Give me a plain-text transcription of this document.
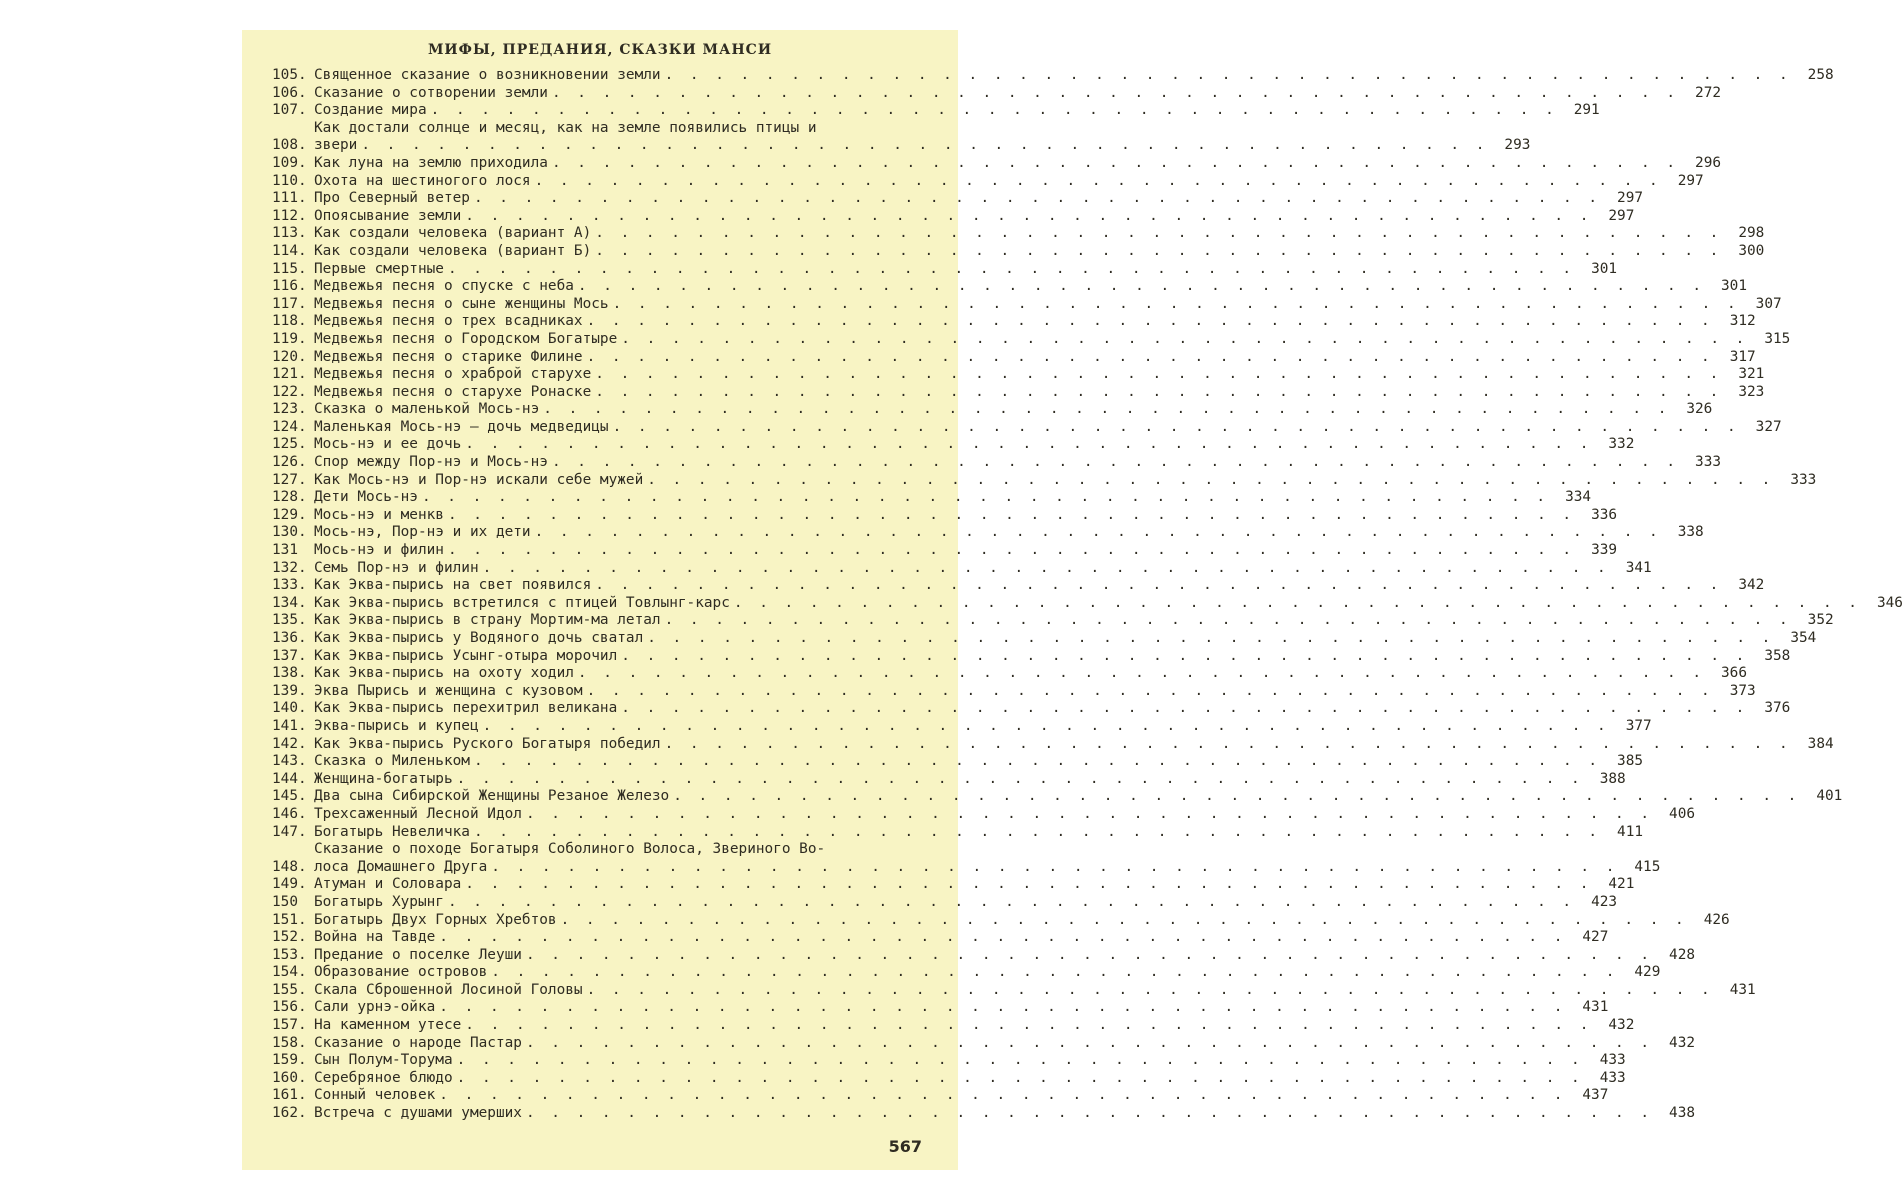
МИФЫ, ПРЕДАНИЯ, СКАЗКИ МАНСИ
105. Священное сказание о возникновении земли . . . . . . . . . . . . . . . . . . . . . . . . . . . . . . . . . . . . . . . . . . . . .	258
106. Сказание о сотворении земли . . . . . . . . . . . . . . . . . . . . . . . . . . . . . . . . . . . . . . . . . . . . .	272
107. Создание мира . . . . . . . . . . . . . . . . . . . . . . . . . . . . . . . . . . . . . . . . . . . . .	291
108.
Как достали солнце и месяц, как на земле появились птицы и
звери . . . . . . . . . . . . . . . . . . . . . . . . . . . . . . . . . . . . . . . . . . . . .	293
109. Как луна на землю приходила . . . . . . . . . . . . . . . . . . . . . . . . . . . . . . . . . . . . . . . . . . . . .	296
110. Охота на шестиногого лося . . . . . . . . . . . . . . . . . . . . . . . . . . . . . . . . . . . . . . . . . . . . .	297
111. Про Северный ветер . . . . . . . . . . . . . . . . . . . . . . . . . . . . . . . . . . . . . . . . . . . . .	297
112. Опоясывание земли . . . . . . . . . . . . . . . . . . . . . . . . . . . . . . . . . . . . . . . . . . . . .	297
113. Как создали человека (вариант А) . . . . . . . . . . . . . . . . . . . . . . . . . . . . . . . . . . . . . . . . . . . . .	298
114. Как создали человека (вариант Б) . . . . . . . . . . . . . . . . . . . . . . . . . . . . . . . . . . . . . . . . . . . . .	300
115. Первые смертные . . . . . . . . . . . . . . . . . . . . . . . . . . . . . . . . . . . . . . . . . . . . .	301
116. Медвежья песня о спуске с неба . . . . . . . . . . . . . . . . . . . . . . . . . . . . . . . . . . . . . . . . . . . . .	301
117. Медвежья песня о сыне женщины Мось . . . . . . . . . . . . . . . . . . . . . . . . . . . . . . . . . . . . . . . . . . . . .	307
118. Медвежья песня о трех всадниках . . . . . . . . . . . . . . . . . . . . . . . . . . . . . . . . . . . . . . . . . . . . .	312
119. Медвежья песня о Городском Богатыре . . . . . . . . . . . . . . . . . . . . . . . . . . . . . . . . . . . . . . . . . . . . .	315
120. Медвежья песня о старике Филине . . . . . . . . . . . . . . . . . . . . . . . . . . . . . . . . . . . . . . . . . . . . .	317
121. Медвежья песня о храброй старухе . . . . . . . . . . . . . . . . . . . . . . . . . . . . . . . . . . . . . . . . . . . . .	321
122. Медвежья песня о старухе Ронаске . . . . . . . . . . . . . . . . . . . . . . . . . . . . . . . . . . . . . . . . . . . . .	323
123. Сказка о маленькой Мось-нэ . . . . . . . . . . . . . . . . . . . . . . . . . . . . . . . . . . . . . . . . . . . . .	326
124. Маленькая Мось-нэ — дочь медведицы . . . . . . . . . . . . . . . . . . . . . . . . . . . . . . . . . . . . . . . . . . . . .	327
125. Мось-нэ и ее дочь . . . . . . . . . . . . . . . . . . . . . . . . . . . . . . . . . . . . . . . . . . . . .	332
126. Спор между Пор-нэ и Мось-нэ . . . . . . . . . . . . . . . . . . . . . . . . . . . . . . . . . . . . . . . . . . . . .	333
127. Как Мось-нэ и Пор-нэ искали себе мужей . . . . . . . . . . . . . . . . . . . . . . . . . . . . . . . . . . . . . . . . . . . . .	333
128. Дети Мось-нэ . . . . . . . . . . . . . . . . . . . . . . . . . . . . . . . . . . . . . . . . . . . . .	334
129. Мось-нэ и менкв . . . . . . . . . . . . . . . . . . . . . . . . . . . . . . . . . . . . . . . . . . . . .	336
130. Мось-нэ, Пор-нэ и их дети . . . . . . . . . . . . . . . . . . . . . . . . . . . . . . . . . . . . . . . . . . . . .	338
131	Мось-нэ и филин . . . . . . . . . . . . . . . . . . . . . . . . . . . . . . . . . . . . . . . . . . . . .	339
132. Семь Пор-нэ и филин . . . . . . . . . . . . . . . . . . . . . . . . . . . . . . . . . . . . . . . . . . . . .	341
133. Как Эква-пырись на свет появился . . . . . . . . . . . . . . . . . . . . . . . . . . . . . . . . . . . . . . . . . . . . .	342
134. Как Эква-пырись встретился с птицей Товлынг-карс . . . . . . . . . . . . . . . . . . . . . . . . . . . . . . . . . . . . . . . . . . . . .	346
135. Как Эква-пырись в страну Мортим-ма летал . . . . . . . . . . . . . . . . . . . . . . . . . . . . . . . . . . . . . . . . . . . . .	352
136. Как Эква-пырись у Водяного дочь сватал . . . . . . . . . . . . . . . . . . . . . . . . . . . . . . . . . . . . . . . . . . . . .	354
137. Как Эква-пырись Усынг-отыра морочил . . . . . . . . . . . . . . . . . . . . . . . . . . . . . . . . . . . . . . . . . . . . .	358
138. Как Эква-пырись на охоту ходил . . . . . . . . . . . . . . . . . . . . . . . . . . . . . . . . . . . . . . . . . . . . .	366
139. Эква Пырись и женщина с кузовом . . . . . . . . . . . . . . . . . . . . . . . . . . . . . . . . . . . . . . . . . . . . .	373
140. Как Эква-пырись перехитрил великана . . . . . . . . . . . . . . . . . . . . . . . . . . . . . . . . . . . . . . . . . . . . .	376
141. Эква-пырись и купец . . . . . . . . . . . . . . . . . . . . . . . . . . . . . . . . . . . . . . . . . . . . .	377
142. Как Эква-пырись Руского Богатыря победил . . . . . . . . . . . . . . . . . . . . . . . . . . . . . . . . . . . . . . . . . . . . .	384
143. Сказка о Миленьком . . . . . . . . . . . . . . . . . . . . . . . . . . . . . . . . . . . . . . . . . . . . .	385
144. Женщина-богатырь . . . . . . . . . . . . . . . . . . . . . . . . . . . . . . . . . . . . . . . . . . . . .	388
145. Два сына Сибирской Женщины Резаное Железо . . . . . . . . . . . . . . . . . . . . . . . . . . . . . . . . . . . . . . . . . . . . .	401
146. Трехсаженный Лесной Идол . . . . . . . . . . . . . . . . . . . . . . . . . . . . . . . . . . . . . . . . . . . . .	406
147. Богатырь Невеличка . . . . . . . . . . . . . . . . . . . . . . . . . . . . . . . . . . . . . . . . . . . . .	411
148.
Сказание о походе Богатыря Соболиного Волоса, Звериного Во-
лоса Домашнего Друга . . . . . . . . . . . . . . . . . . . . . . . . . . . . . . . . . . . . . . . . . . . . .	415
149. Атуман и Соловара . . . . . . . . . . . . . . . . . . . . . . . . . . . . . . . . . . . . . . . . . . . . .	421
150	Богатырь Хурынг . . . . . . . . . . . . . . . . . . . . . . . . . . . . . . . . . . . . . . . . . . . . .	423
151. Богатырь Двух Горных Хребтов . . . . . . . . . . . . . . . . . . . . . . . . . . . . . . . . . . . . . . . . . . . . .	426
152. Война на Тавде . . . . . . . . . . . . . . . . . . . . . . . . . . . . . . . . . . . . . . . . . . . . .	427
153. Предание о поселке Леуши . . . . . . . . . . . . . . . . . . . . . . . . . . . . . . . . . . . . . . . . . . . . .	428
154. Образование островов . . . . . . . . . . . . . . . . . . . . . . . . . . . . . . . . . . . . . . . . . . . . .	429
155. Скала Сброшенной Лосиной Головы . . . . . . . . . . . . . . . . . . . . . . . . . . . . . . . . . . . . . . . . . . . . .	431
156. Сали урнэ-ойка . . . . . . . . . . . . . . . . . . . . . . . . . . . . . . . . . . . . . . . . . . . . .	431
157. На каменном утесе . . . . . . . . . . . . . . . . . . . . . . . . . . . . . . . . . . . . . . . . . . . . .	432
158. Сказание о народе Пастар . . . . . . . . . . . . . . . . . . . . . . . . . . . . . . . . . . . . . . . . . . . . .	432
159. Сын Полум-Торума . . . . . . . . . . . . . . . . . . . . . . . . . . . . . . . . . . . . . . . . . . . . .	433
160. Серебряное блюдо . . . . . . . . . . . . . . . . . . . . . . . . . . . . . . . . . . . . . . . . . . . . .	433
161. Сонный человек . . . . . . . . . . . . . . . . . . . . . . . . . . . . . . . . . . . . . . . . . . . . .	437
162. Встреча с душами умерших . . . . . . . . . . . . . . . . . . . . . . . . . . . . . . . . . . . . . . . . . . . . .	438
567
